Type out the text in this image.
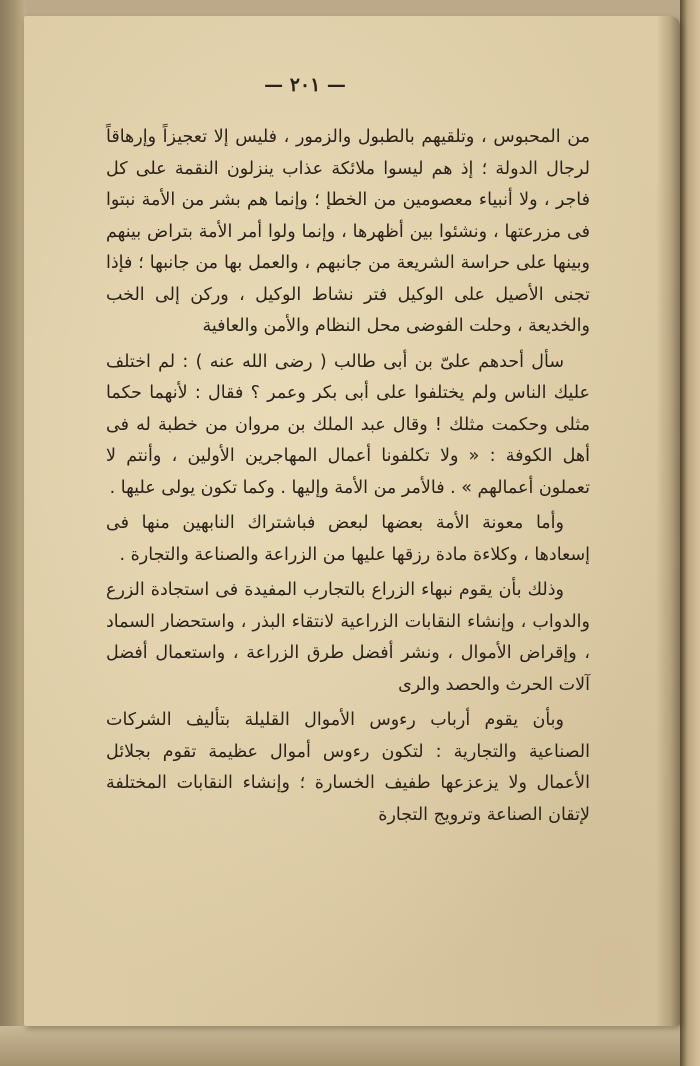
— ٢٠١ —

من المحبوس ، وتلقيهم بالطبول والزمور ، فليس إلا تعجيزاً وإرهاقاً لرجال الدولة ؛ إذ هم ليسوا ملائكة عذاب ينزلون النقمة على كل فاجر ، ولا أنبياء معصومين من الخطإ ؛ وإنما هم بشر من الأمة نبتوا فى مزرعتها ، ونشئوا بين أظهرها ، وإنما ولوا أمر الأمة بتراض بينهم وبينها على حراسة الشريعة من جانبهم ، والعمل بها من جانبها ؛ فإذا تجنى الأصيل على الوكيل فتر نشاط الوكيل ، وركن إلى الخب والخديعة ، وحلت الفوضى محل النظام والأمن والعافية

سأل أحدهم علىّ بن أبى طالب ( رضى الله عنه ) : لم اختلف عليك الناس ولم يختلفوا على أبى بكر وعمر ؟ فقال : لأنهما حكما مثلى وحكمت مثلك ! وقال عبد الملك بن مروان من خطبة له فى أهل الكوفة : « ولا تكلفونا أعمال المهاجرين الأولين ، وأنتم لا تعملون أعمالهم » . فالأمر من الأمة وإليها . وكما تكون يولى عليها .

وأما معونة الأمة بعضها لبعض فباشتراك النابهين منها فى إسعادها ، وكلاءة مادة رزقها عليها من الزراعة والصناعة والتجارة .

وذلك بأن يقوم نبهاء الزراع بالتجارب المفيدة فى استجادة الزرع والدواب ، وإنشاء النقابات الزراعية لانتقاء البذر ، واستحضار السماد ، وإقراض الأموال ، ونشر أفضل طرق الزراعة ، واستعمال أفضل آلات الحرث والحصد والرى

وبأن يقوم أرباب رءوس الأموال القليلة بتأليف الشركات الصناعية والتجارية : لتكون رءوس أموال عظيمة تقوم بجلائل الأعمال ولا يزعزعها طفيف الخسارة ؛ وإنشاء النقابات المختلفة لإتقان الصناعة وترويج التجارة
